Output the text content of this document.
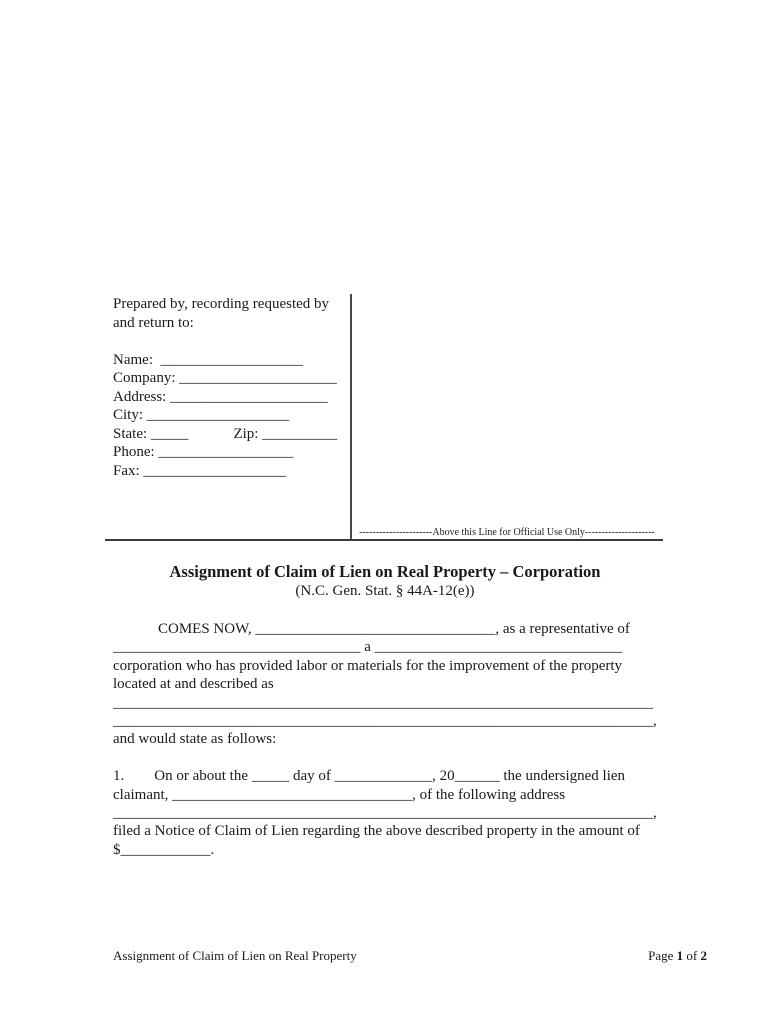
Prepared by, recording requested by
and return to:
Name:  ___________________
Company: _____________________
Address: _____________________
City: ___________________
State: _____            Zip: __________
Phone: __________________
Fax: ___________________
----------------------Above this Line for Official Use Only---------------------
Assignment of Claim of Lien on Real Property – Corporation
(N.C. Gen. Stat. § 44A-12(e))
COMES NOW, ________________________________, as a representative of
_________________________________ a _________________________________
corporation who has provided labor or materials for the improvement of the property
located at and described as
________________________________________________________________________
________________________________________________________________________,
and would state as follows:
1.        On or about the _____ day of _____________, 20______ the undersigned lien
claimant, ________________________________, of the following address
________________________________________________________________________,
filed a Notice of Claim of Lien regarding the above described property in the amount of
$____________.
Assignment of Claim of Lien on Real Property	Page 1 of 2
